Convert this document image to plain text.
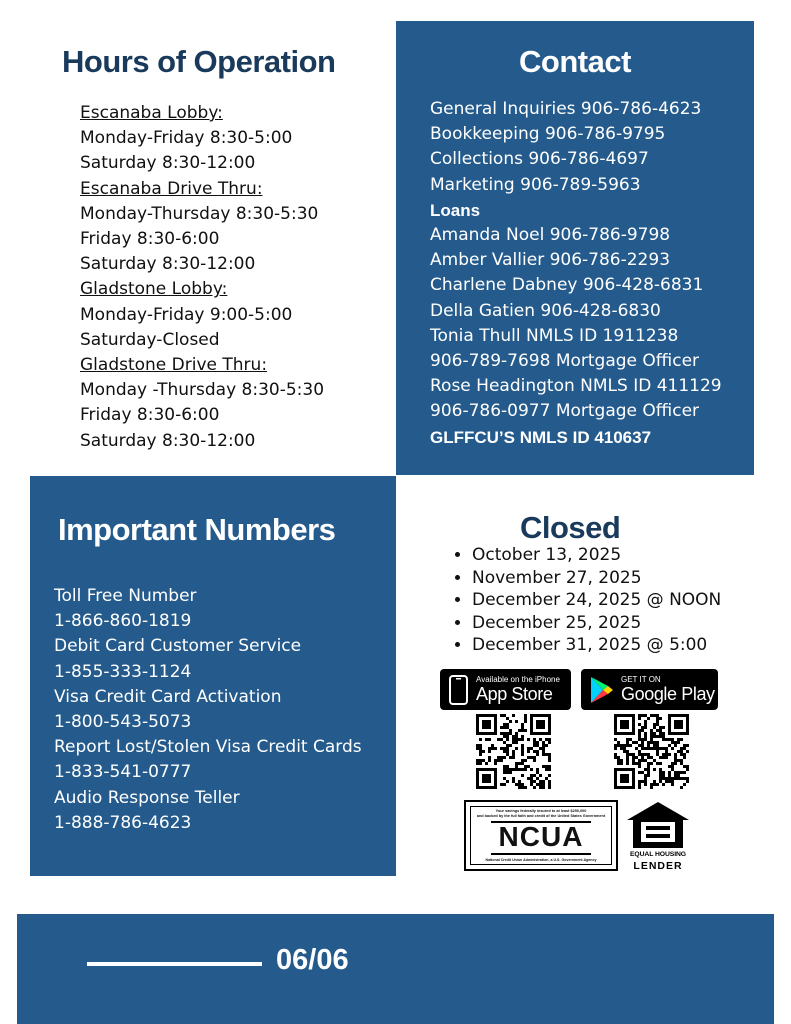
Hours of Operation
Escanaba Lobby:
Monday-Friday 8:30-5:00
Saturday 8:30-12:00
Escanaba Drive Thru:
Monday-Thursday 8:30-5:30
Friday 8:30-6:00
Saturday 8:30-12:00
Gladstone Lobby:
Monday-Friday 9:00-5:00
Saturday-Closed
Gladstone Drive Thru:
Monday -Thursday 8:30-5:30
Friday 8:30-6:00
Saturday 8:30-12:00
Contact
General Inquiries 906-786-4623
Bookkeeping 906-786-9795
Collections 906-786-4697
Marketing 906-789-5963
Loans
Amanda Noel 906-786-9798
Amber Vallier 906-786-2293
Charlene Dabney 906-428-6831
Della Gatien 906-428-6830
Tonia Thull NMLS ID 1911238
906-789-7698 Mortgage Officer
Rose Headington NMLS ID 411129
906-786-0977 Mortgage Officer
GLFFCU’S NMLS ID 410637
Important Numbers
Toll Free Number
1-866-860-1819
Debit Card Customer Service
1-855-333-1124
Visa Credit Card Activation
1-800-543-5073
Report Lost/Stolen Visa Credit Cards
1-833-541-0777
Audio Response Teller
1-888-786-4623
Closed
• October 13, 2025
• November 27, 2025
• December 24, 2025 @ NOON
• December 25, 2025
• December 31, 2025 @ 5:00
Available on the iPhone
App Store
GET IT ON
Google Play
Your savings federally insured to at least $250,000
and backed by the full faith and credit of the United States Government
NCUA
National Credit Union Administration, a U.S. Government Agency
EQUAL HOUSING
LENDER
06/06
